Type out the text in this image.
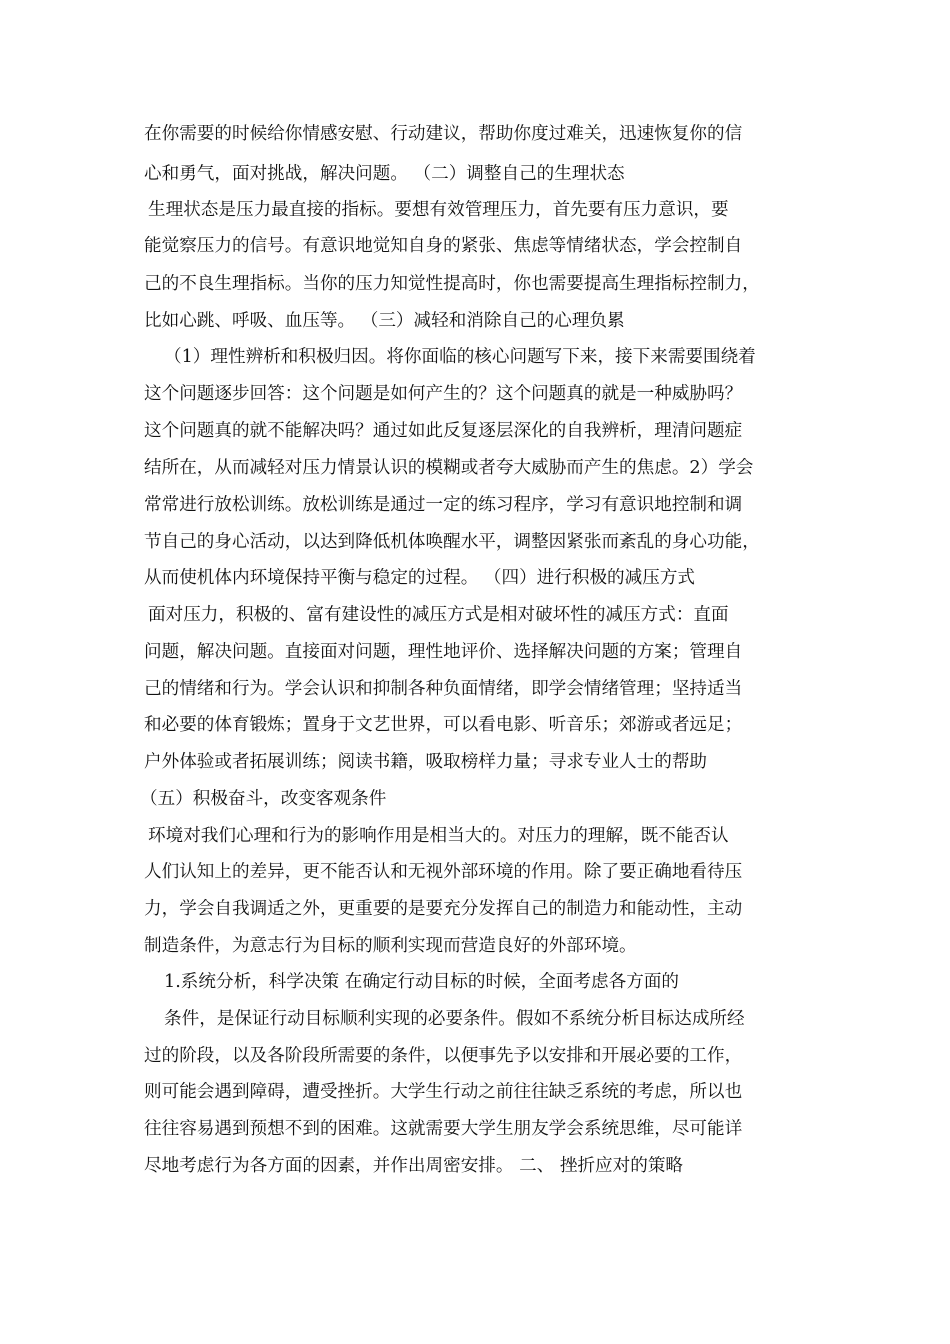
在你需要的时候给你情感安慰、行动建议，帮助你度过难关，迅速恢复你的信
心和勇气，面对挑战，解决问题。 （二）调整自己的生理状态
生理状态是压力最直接的指标。要想有效管理压力，首先要有压力意识，要
能觉察压力的信号。有意识地觉知自身的紧张、焦虑等情绪状态，学会控制自
己的不良生理指标。当你的压力知觉性提高时，你也需要提高生理指标控制力，
比如心跳、呼吸、血压等。 （三）减轻和消除自己的心理负累
（1）理性辨析和积极归因。将你面临的核心问题写下来，接下来需要围绕着
这个问题逐步回答：这个问题是如何产生的？这个问题真的就是一种威胁吗？
这个问题真的就不能解决吗？通过如此反复逐层深化的自我辨析，理清问题症
结所在，从而减轻对压力情景认识的模糊或者夸大威胁而产生的焦虑。2）学会
常常进行放松训练。放松训练是通过一定的练习程序，学习有意识地控制和调
节自己的身心活动，以达到降低机体唤醒水平，调整因紧张而紊乱的身心功能，
从而使机体内环境保持平衡与稳定的过程。 （四）进行积极的减压方式
面对压力，积极的、富有建设性的减压方式是相对破坏性的减压方式：直面
问题，解决问题。直接面对问题，理性地评价、选择解决问题的方案；管理自
己的情绪和行为。学会认识和抑制各种负面情绪，即学会情绪管理；坚持适当
和必要的体育锻炼；置身于文艺世界，可以看电影、听音乐；郊游或者远足；
户外体验或者拓展训练；阅读书籍，吸取榜样力量；寻求专业人士的帮助
（五）积极奋斗，改变客观条件
环境对我们心理和行为的影响作用是相当大的。对压力的理解，既不能否认
人们认知上的差异，更不能否认和无视外部环境的作用。除了要正确地看待压
力，学会自我调适之外，更重要的是要充分发挥自己的制造力和能动性，主动
制造条件，为意志行为目标的顺利实现而营造良好的外部环境。
1.系统分析，科学决策 在确定行动目标的时候，全面考虑各方面的
条件，是保证行动目标顺利实现的必要条件。假如不系统分析目标达成所经
过的阶段，以及各阶段所需要的条件，以便事先予以安排和开展必要的工作，
则可能会遇到障碍，遭受挫折。大学生行动之前往往缺乏系统的考虑，所以也
往往容易遇到预想不到的困难。这就需要大学生朋友学会系统思维，尽可能详
尽地考虑行为各方面的因素，并作出周密安排。 二、 挫折应对的策略
